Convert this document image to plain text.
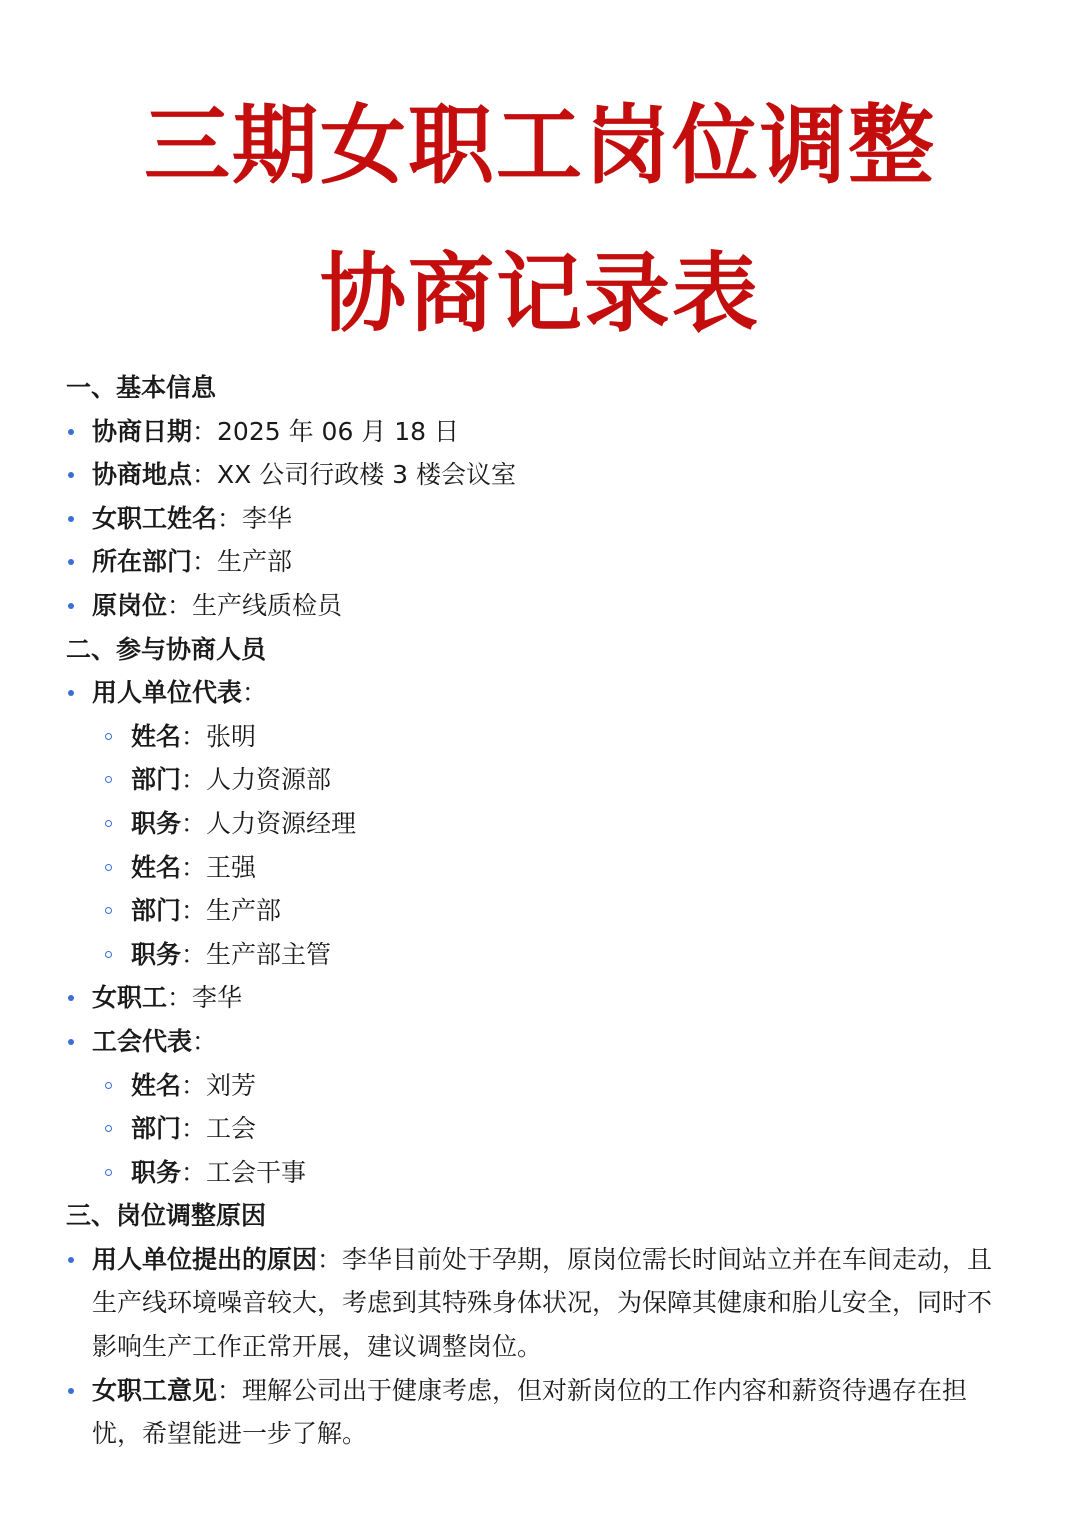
三期女职工岗位调整
协商记录表
一、基本信息
协商日期：2025 年 06 月 18 日
协商地点：XX 公司行政楼 3 楼会议室
女职工姓名：李华
所在部门：生产部
原岗位：生产线质检员
二、参与协商人员
用人单位代表：
姓名：张明
部门：人力资源部
职务：人力资源经理
姓名：王强
部门：生产部
职务：生产部主管
女职工：李华
工会代表：
姓名：刘芳
部门：工会
职务：工会干事
三、岗位调整原因
用人单位提出的原因：李华目前处于孕期，原岗位需长时间站立并在车间走动，且生产线环境噪音较大，考虑到其特殊身体状况，为保障其健康和胎儿安全，同时不影响生产工作正常开展，建议调整岗位。
女职工意见：理解公司出于健康考虑，但对新岗位的工作内容和薪资待遇存在担忧，希望能进一步了解。
